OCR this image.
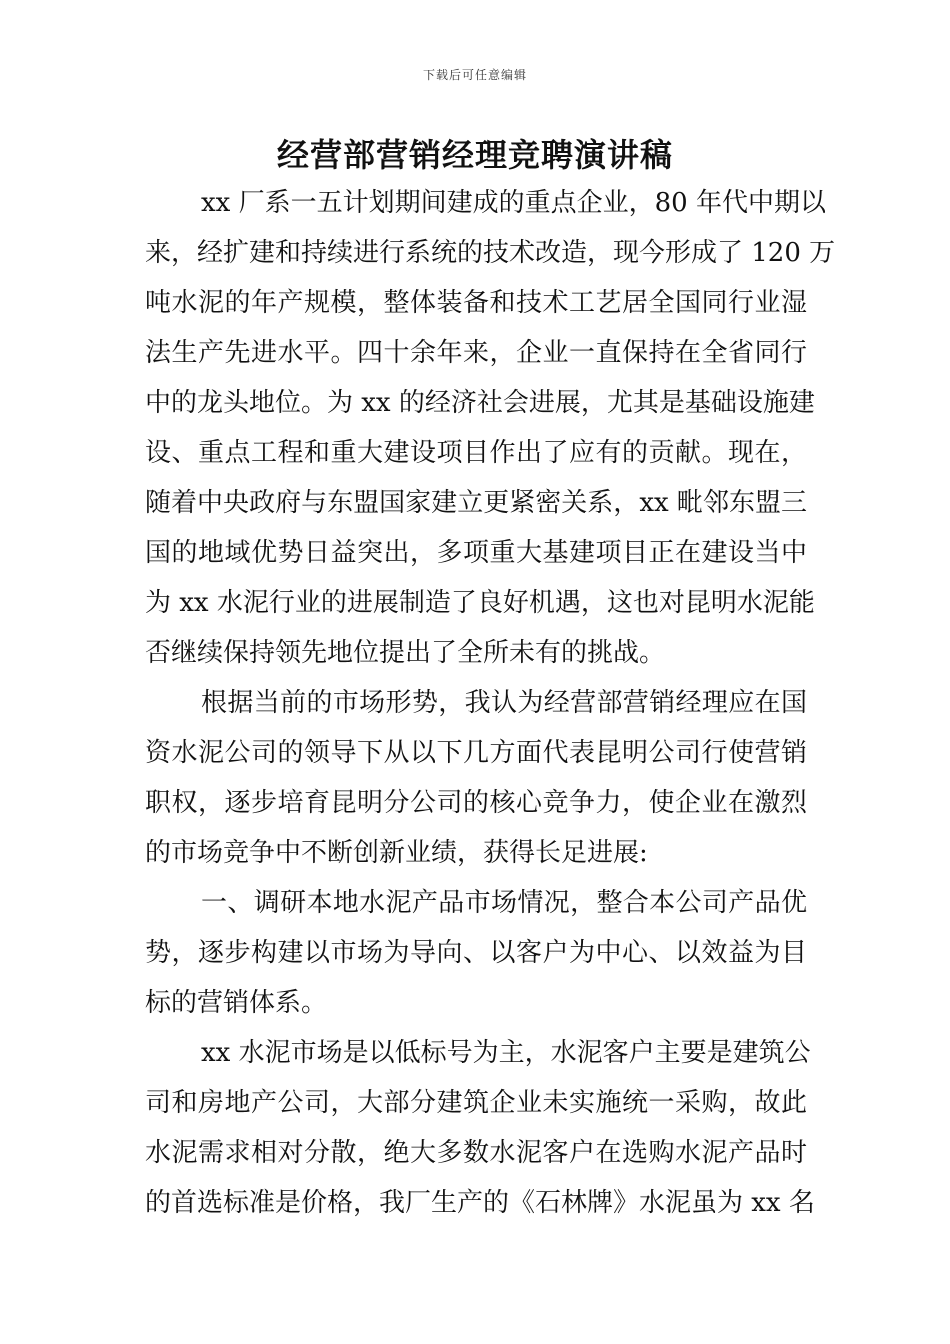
下载后可任意编辑
经营部营销经理竞聘演讲稿
xx 厂系一五计划期间建成的重点企业，80 年代中期以
来，经扩建和持续进行系统的技术改造，现今形成了 120 万
吨水泥的年产规模，整体装备和技术工艺居全国同行业湿
法生产先进水平。四十余年来，企业一直保持在全省同行
中的龙头地位。为 xx 的经济社会进展，尤其是基础设施建
设、重点工程和重大建设项目作出了应有的贡献。现在，
随着中央政府与东盟国家建立更紧密关系，xx 毗邻东盟三
国的地域优势日益突出，多项重大基建项目正在建设当中
为 xx 水泥行业的进展制造了良好机遇，这也对昆明水泥能
否继续保持领先地位提出了全所未有的挑战。
根据当前的市场形势，我认为经营部营销经理应在国
资水泥公司的领导下从以下几方面代表昆明公司行使营销
职权，逐步培育昆明分公司的核心竞争力，使企业在激烈
的市场竞争中不断创新业绩，获得长足进展:
一、调研本地水泥产品市场情况，整合本公司产品优
势，逐步构建以市场为导向、以客户为中心、以效益为目
标的营销体系。
xx 水泥市场是以低标号为主，水泥客户主要是建筑公
司和房地产公司，大部分建筑企业未实施统一采购，故此
水泥需求相对分散，绝大多数水泥客户在选购水泥产品时
的首选标准是价格，我厂生产的《石林牌》水泥虽为 xx 名
